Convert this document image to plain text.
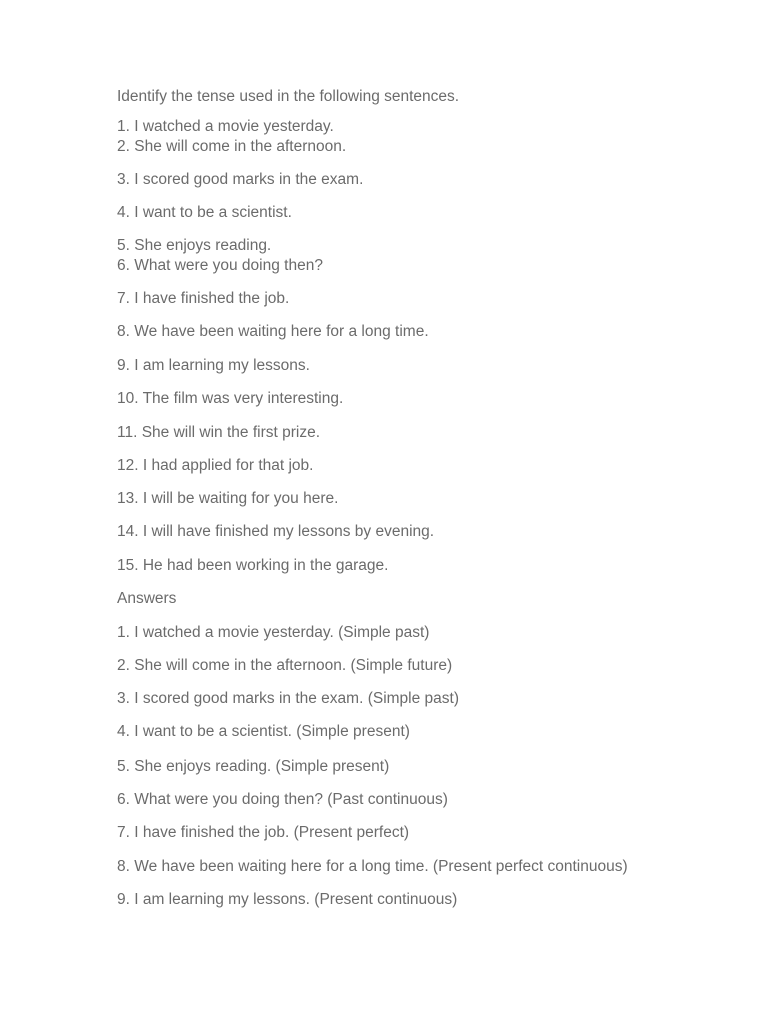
Identify the tense used in the following sentences.

1. I watched a movie yesterday.

2. She will come in the afternoon.

3. I scored good marks in the exam.

4. I want to be a scientist.

5. She enjoys reading.

6. What were you doing then?

7. I have finished the job.

8. We have been waiting here for a long time.

9. I am learning my lessons.

10. The film was very interesting.

11. She will win the first prize.

12. I had applied for that job.

13. I will be waiting for you here.

14. I will have finished my lessons by evening.

15. He had been working in the garage.

Answers

1. I watched a movie yesterday. (Simple past)

2. She will come in the afternoon. (Simple future)

3. I scored good marks in the exam. (Simple past)

4. I want to be a scientist. (Simple present)

5. She enjoys reading. (Simple present)

6. What were you doing then? (Past continuous)

7. I have finished the job. (Present perfect)

8. We have been waiting here for a long time. (Present perfect continuous)

9. I am learning my lessons. (Present continuous)
